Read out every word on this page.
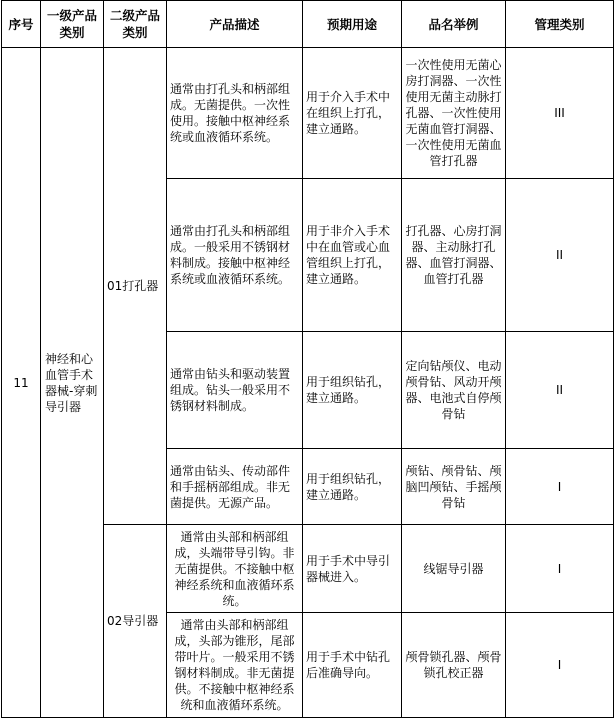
序号	一级产品类别	二级产品类别	产品描述	预期用途	品名举例	管理类别
11	神经和心血管手术器械-穿刺导引器	01打孔器	通常由打孔头和柄部组成。无菌提供。一次性使用。接触中枢神经系统或血液循环系统。	用于介入手术中在组织上打孔，建立通路。	一次性使用无菌心房打洞器、一次性使用无菌主动脉打孔器、一次性使用无菌血管打洞器、一次性使用无菌血管打孔器	III
			通常由打孔头和柄部组成。一般采用不锈钢材料制成。接触中枢神经系统或血液循环系统。	用于非介入手术中在血管或心血管组织上打孔，建立通路。	打孔器、心房打洞器、主动脉打孔器、血管打洞器、血管打孔器	II
			通常由钻头和驱动装置组成。钻头一般采用不锈钢材料制成。	用于组织钻孔，建立通路。	定向钻颅仪、电动颅骨钻、风动开颅器、电池式自停颅骨钻	II
			通常由钻头、传动部件和手摇柄部组成。非无菌提供。无源产品。	用于组织钻孔，建立通路。	颅钻、颅骨钻、颅脑凹颅钻、手摇颅骨钻	I
		02导引器	通常由头部和柄部组成，头端带导引钩。非无菌提供。不接触中枢神经系统和血液循环系统。	用于手术中导引器械进入。	线锯导引器	I
			通常由头部和柄部组成，头部为锥形，尾部带叶片。一般采用不锈钢材料制成。非无菌提供。不接触中枢神经系统和血液循环系统。	用于手术中钻孔后准确导向。	颅骨锁孔器、颅骨锁孔校正器	I
